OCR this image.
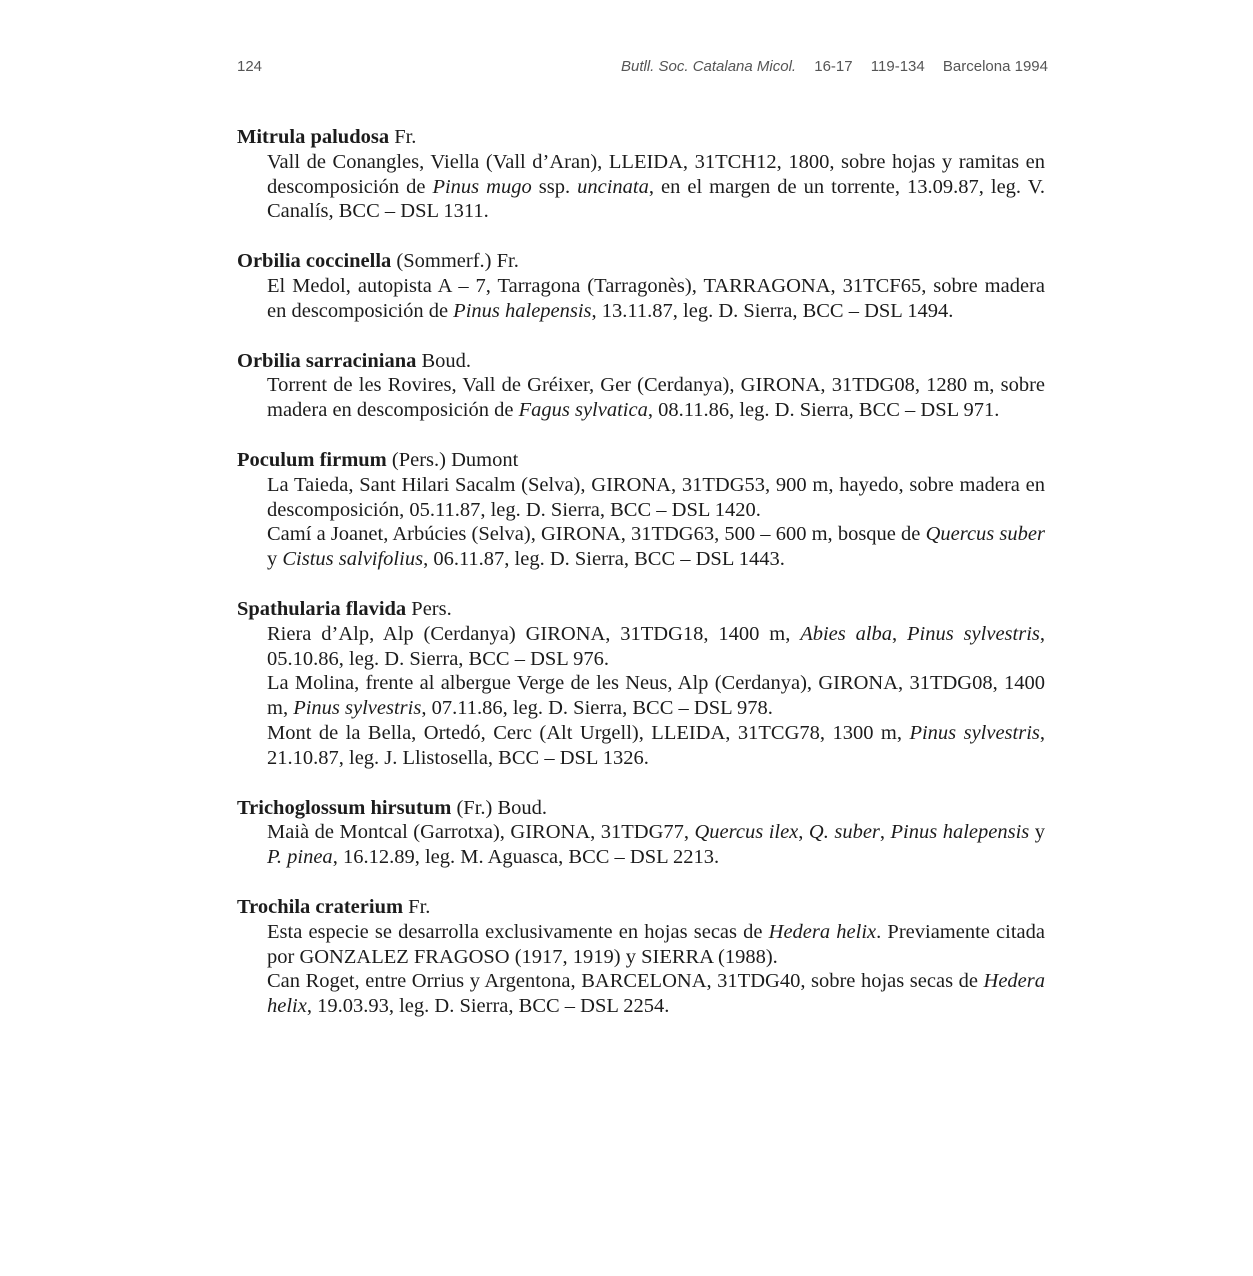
124	Butll. Soc. Catalana Micol. 16-17 119-134 Barcelona 1994
Mitrula paludosa Fr.
Vall de Conangles, Viella (Vall d’Aran), LLEIDA, 31TCH12, 1800, sobre hojas y ramitas en descomposición de Pinus mugo ssp. uncinata, en el margen de un torrente, 13.09.87, leg. V. Canalís, BCC – DSL 1311.
Orbilia coccinella (Sommerf.) Fr.
El Medol, autopista A – 7, Tarragona (Tarragonès), TARRAGONA, 31TCF65, sobre madera en descomposición de Pinus halepensis, 13.11.87, leg. D. Sierra, BCC – DSL 1494.
Orbilia sarraciniana Boud.
Torrent de les Rovires, Vall de Gréixer, Ger (Cerdanya), GIRONA, 31TDG08, 1280 m, sobre madera en descomposición de Fagus sylvatica, 08.11.86, leg. D. Sierra, BCC – DSL 971.
Poculum firmum (Pers.) Dumont
La Taieda, Sant Hilari Sacalm (Selva), GIRONA, 31TDG53, 900 m, hayedo, sobre madera en descomposición, 05.11.87, leg. D. Sierra, BCC – DSL 1420.
Camí a Joanet, Arbúcies (Selva), GIRONA, 31TDG63, 500 – 600 m, bosque de Quercus suber y Cistus salvifolius, 06.11.87, leg. D. Sierra, BCC – DSL 1443.
Spathularia flavida Pers.
Riera d’Alp, Alp (Cerdanya) GIRONA, 31TDG18, 1400 m, Abies alba, Pinus sylvestris, 05.10.86, leg. D. Sierra, BCC – DSL 976.
La Molina, frente al albergue Verge de les Neus, Alp (Cerdanya), GIRONA, 31TDG08, 1400 m, Pinus sylvestris, 07.11.86, leg. D. Sierra, BCC – DSL 978.
Mont de la Bella, Ortedó, Cerc (Alt Urgell), LLEIDA, 31TCG78, 1300 m, Pinus sylvestris, 21.10.87, leg. J. Llistosella, BCC – DSL 1326.
Trichoglossum hirsutum (Fr.) Boud.
Maià de Montcal (Garrotxa), GIRONA, 31TDG77, Quercus ilex, Q. suber, Pinus halepensis y P. pinea, 16.12.89, leg. M. Aguasca, BCC – DSL 2213.
Trochila craterium Fr.
Esta especie se desarrolla exclusivamente en hojas secas de Hedera helix. Previamente citada por GONZALEZ FRAGOSO (1917, 1919) y SIERRA (1988).
Can Roget, entre Orrius y Argentona, BARCELONA, 31TDG40, sobre hojas secas de Hedera helix, 19.03.93, leg. D. Sierra, BCC – DSL 2254.
